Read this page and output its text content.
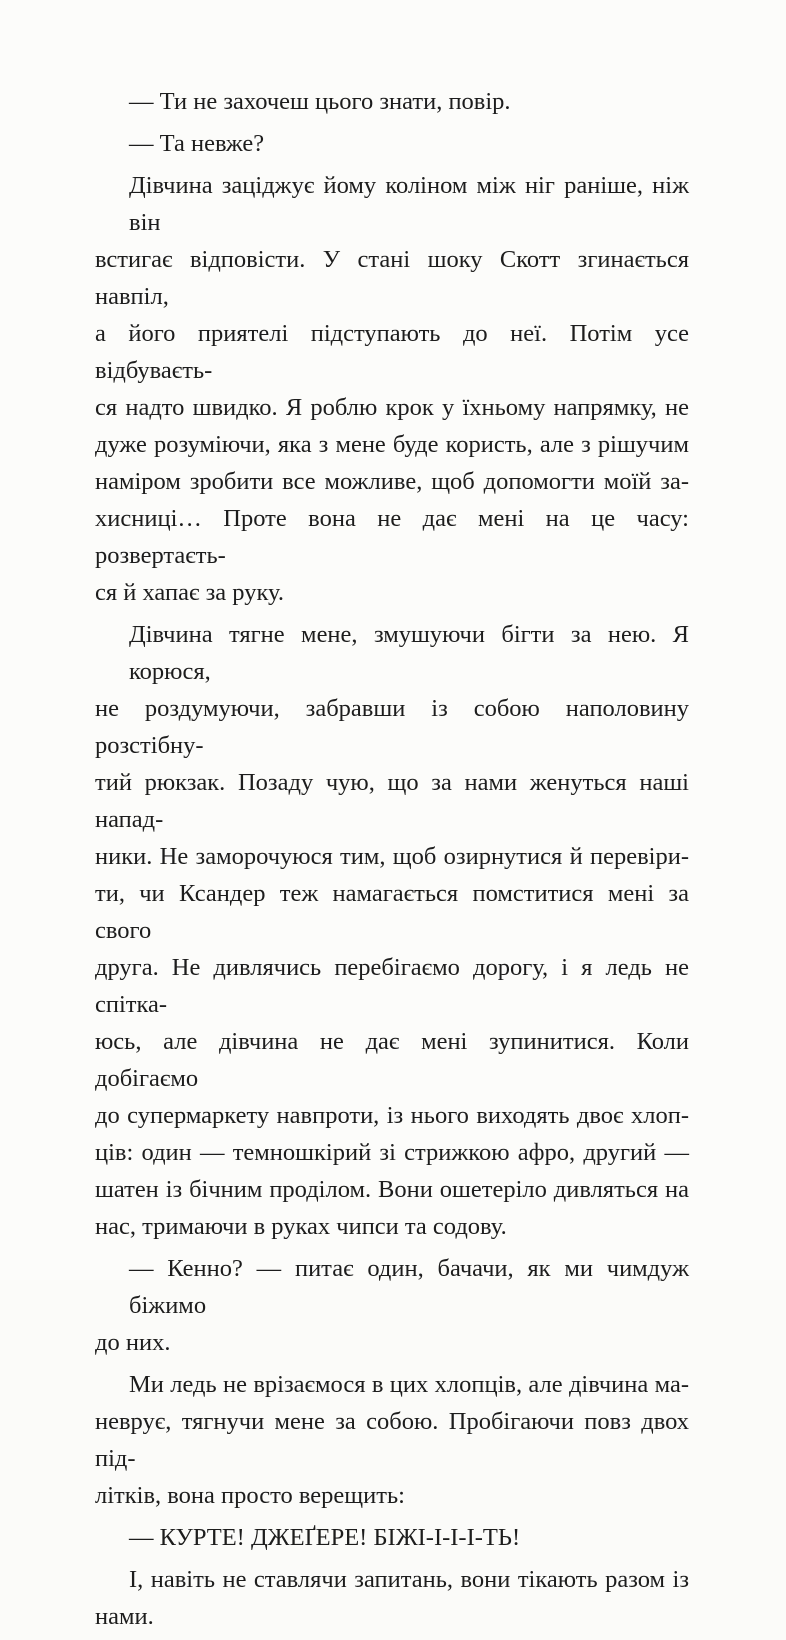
— Ти не захочеш цього знати, повір.
— Та невже?
Дівчина заціджує йому коліном між ніг раніше, ніж він
встигає відповісти. У стані шоку Скотт згинається навпіл,
а його приятелі підступають до неї. Потім усе відбуваєть-
ся надто швидко. Я роблю крок у їхньому напрямку, не
дуже розуміючи, яка з мене буде користь, але з рішучим
наміром зробити все можливе, щоб допомогти моїй за-
хисниці… Проте вона не дає мені на це часу: розвертаєть-
ся й хапає за руку.
Дівчина тягне мене, змушуючи бігти за нею. Я корюся,
не роздумуючи, забравши із собою наполовину розстібну-
тий рюкзак. Позаду чую, що за нами женуться наші напад-
ники. Не заморочуюся тим, щоб озирнутися й перевіри-
ти, чи Ксандер теж намагається помститися мені за свого
друга. Не дивлячись перебігаємо дорогу, і я ледь не спітка-
юсь, але дівчина не дає мені зупинитися. Коли добігаємо
до супермаркету навпроти, із нього виходять двоє хлоп-
ців: один — темношкірий зі стрижкою афро, другий —
шатен із бічним проділом. Вони ошетеріло дивляться на
нас, тримаючи в руках чипси та содову.
— Кенно? — питає один, бачачи, як ми чимдуж біжимо
до них.
Ми ледь не врізаємося в цих хлопців, але дівчина ма-
неврує, тягнучи мене за собою. Пробігаючи повз двох під-
літків, вона просто верещить:
— КУРТЕ! ДЖЕҐЕРЕ! БІЖІ-І-І-І-ТЬ!
І, навіть не ставлячи запитань, вони тікають разом із
нами.
